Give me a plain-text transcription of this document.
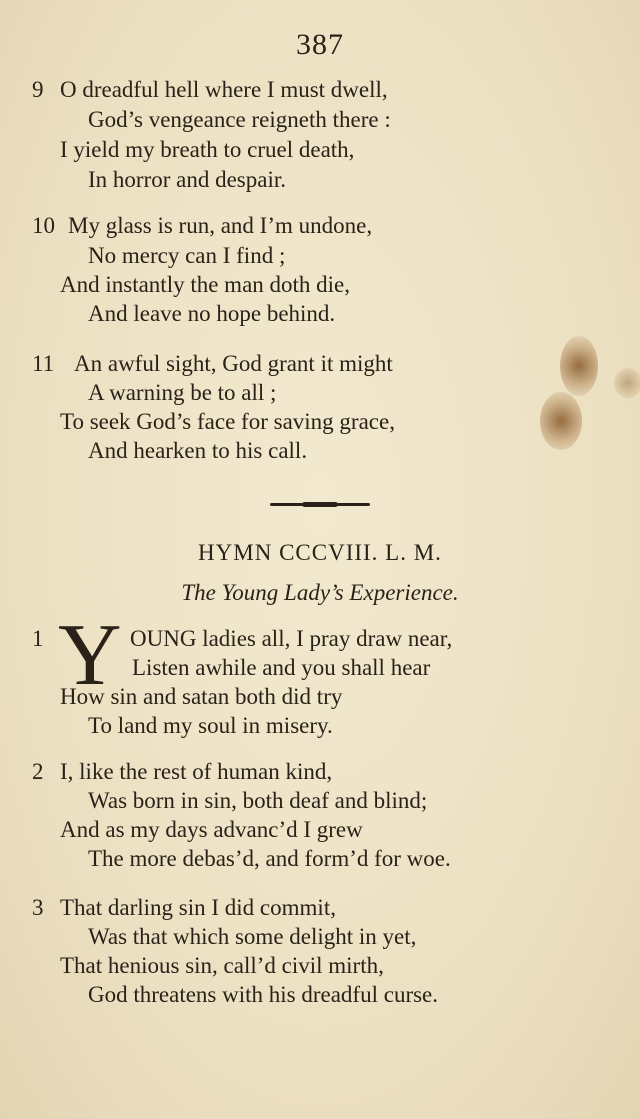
387
9 O dreadful hell where I must dwell,
God’s vengeance reigneth there :
I yield my breath to cruel death,
In horror and despair.
10 My glass is run, and I’m undone,
No mercy can I find ;
And instantly the man doth die,
And leave no hope behind.
11 An awful sight, God grant it might
A warning be to all ;
To seek God’s face for saving grace,
And hearken to his call.
HYMN CCCVIII. L. M.
The Young Lady’s Experience.
1 Y OUNG ladies all, I pray draw near,
Listen awhile and you shall hear
How sin and satan both did try
To land my soul in misery.
2 I, like the rest of human kind,
Was born in sin, both deaf and blind;
And as my days advanc’d I grew
The more debas’d, and form’d for woe.
3 That darling sin I did commit,
Was that which some delight in yet,
That henious sin, call’d civil mirth,
God threatens with his dreadful curse.
